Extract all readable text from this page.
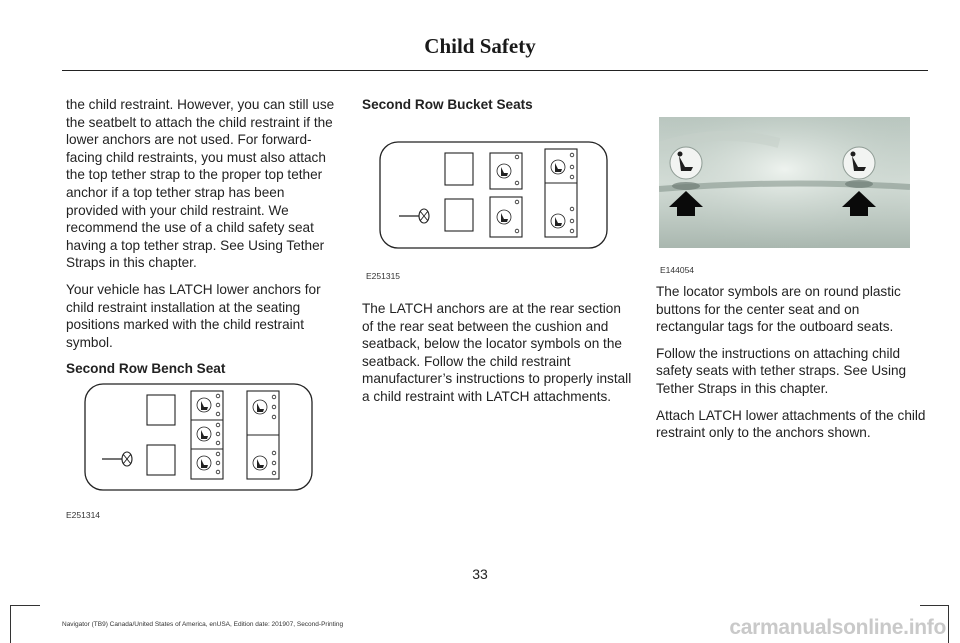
Child Safety

the child restraint. However, you can still use the seatbelt to attach the child restraint if the lower anchors are not used. For forward-facing child restraints, you must also attach the top tether strap to the proper top tether anchor if a top tether strap has been provided with your child restraint. We recommend the use of a child safety seat having a top tether strap. See Using Tether Straps in this chapter.

Your vehicle has LATCH lower anchors for child restraint installation at the seating positions marked with the child restraint symbol.

Second Row Bench Seat
E251314
Second Row Bucket Seats
E251315

The LATCH anchors are at the rear section of the rear seat between the cushion and seatback, below the locator symbols on the seatback. Follow the child restraint manufacturer’s instructions to properly install a child restraint with LATCH attachments.

E144054

The locator symbols are on round plastic buttons for the center seat and on rectangular tags for the outboard seats.

Follow the instructions on attaching child safety seats with tether straps. See Using Tether Straps in this chapter.

Attach LATCH lower attachments of the child restraint only to the anchors shown.

33
Navigator (TB9) Canada/United States of America, enUSA, Edition date: 201907, Second-Printing	carmanualsonline.info
